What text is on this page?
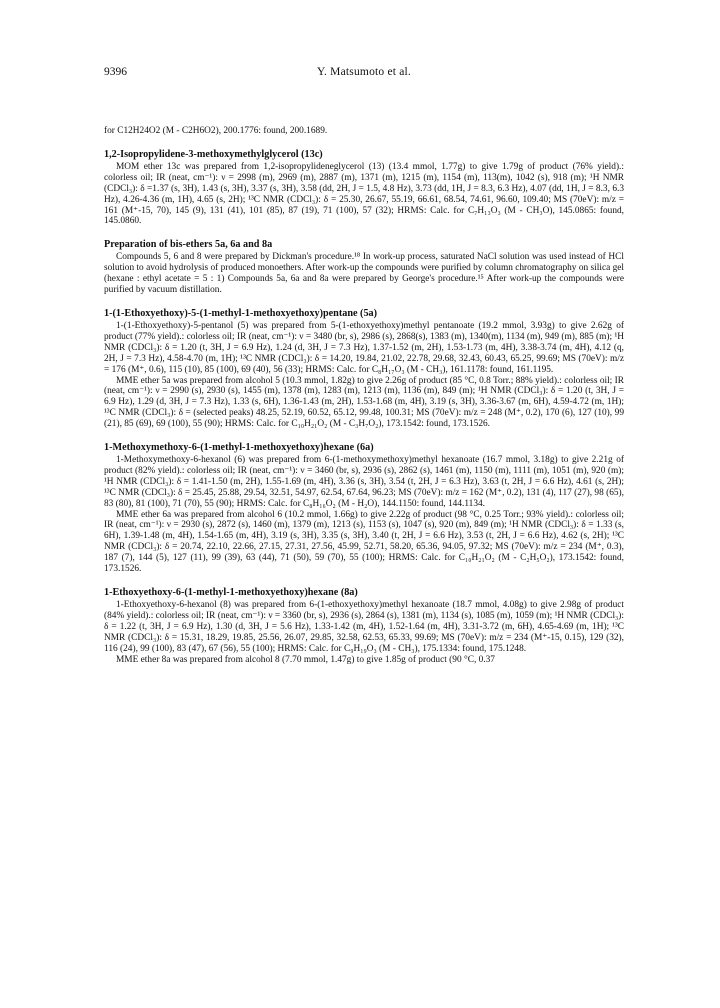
9396	Y. Matsumoto et al.

for C12H24O2 (M - C2H6O2), 200.1776: found, 200.1689.

1,2-Isopropylidene-3-methoxymethylglycerol (13c)

MOM ether 13c was prepared from 1,2-isopropylideneglycerol (13) (13.4 mmol, 1.77g) to give 1.79g of product (76% yield).: colorless oil; IR (neat, cm⁻¹): ν = 2998 (m), 2969 (m), 2887 (m), 1371 (m), 1215 (m), 1154 (m), 113(m), 1042 (s), 918 (m); ¹H NMR (CDCl₃): δ =1.37 (s, 3H), 1.43 (s, 3H), 3.37 (s, 3H), 3.58 (dd, 2H, J = 1.5, 4.8 Hz), 3.73 (dd, 1H, J = 8.3, 6.3 Hz), 4.07 (dd, 1H, J = 8.3, 6.3 Hz), 4.26-4.36 (m, 1H), 4.65 (s, 2H); ¹³C NMR (CDCl₃): δ = 25.30, 26.67, 55.19, 66.61, 68.54, 74.61, 96.60, 109.40; MS (70eV): m/z = 161 (M⁺-15, 70), 145 (9), 131 (41), 101 (85), 87 (19), 71 (100), 57 (32); HRMS: Calc. for C₇H₁₃O₃ (M - CH₃O), 145.0865: found, 145.0860.

Preparation of bis-ethers 5a, 6a and 8a

Compounds 5, 6 and 8 were prepared by Dickman's procedure.¹⁸ In work-up process, saturated NaCl solution was used instead of HCl solution to avoid hydrolysis of produced monoethers. After work-up the compounds were purified by column chromatography on silica gel (hexane : ethyl acetate = 5 : 1) Compounds 5a, 6a and 8a were prepared by George's procedure.¹⁵ After work-up the compounds were purified by vacuum distillation.

1-(1-Ethoxyethoxy)-5-(1-methyl-1-methoxyethoxy)pentane (5a)

1-(1-Ethoxyethoxy)-5-pentanol (5) was prepared from 5-(1-ethoxyethoxy)methyl pentanoate (19.2 mmol, 3.93g) to give 2.62g of product (77% yield).: colorless oil; IR (neat, cm⁻¹): ν = 3480 (br, s), 2986 (s), 2868(s), 1383 (m), 1340(m), 1134 (m), 949 (m), 885 (m); ¹H NMR (CDCl₃): δ = 1.20 (t, 3H, J = 6.9 Hz), 1.24 (d, 3H, J = 7.3 Hz), 1.37-1.52 (m, 2H), 1.53-1.73 (m, 4H), 3.38-3.74 (m, 4H), 4.12 (q, 2H, J = 7.3 Hz), 4.58-4.70 (m, 1H); ¹³C NMR (CDCl₃): δ = 14.20, 19.84, 21.02, 22.78, 29.68, 32.43, 60.43, 65.25, 99.69; MS (70eV): m/z = 176 (M⁺, 0.6), 115 (10), 85 (100), 69 (40), 56 (33); HRMS: Calc. for C₈H₁₇O₃ (M - CH₃), 161.1178: found, 161.1195.

MME ether 5a was prepared from alcohol 5 (10.3 mmol, 1.82g) to give 2.26g of product (85 °C, 0.8 Torr.; 88% yield).: colorless oil; IR (neat, cm⁻¹): ν = 2990 (s), 2930 (s), 1455 (m), 1378 (m), 1283 (m), 1213 (m), 1136 (m), 849 (m); ¹H NMR (CDCl₃): δ = 1.20 (t, 3H, J = 6.9 Hz), 1.29 (d, 3H, J = 7.3 Hz), 1.33 (s, 6H), 1.36-1.43 (m, 2H), 1.53-1.68 (m, 4H), 3.19 (s, 3H), 3.36-3.67 (m, 6H), 4.59-4.72 (m, 1H); ¹³C NMR (CDCl₃): δ = (selected peaks) 48.25, 52.19, 60.52, 65.12, 99.48, 100.31; MS (70eV): m/z = 248 (M⁺, 0.2), 170 (6), 127 (10), 99 (21), 85 (69), 69 (100), 55 (90); HRMS: Calc. for C₁₀H₂₁O₂ (M - C₃H₇O₂), 173.1542: found, 173.1526.

1-Methoxymethoxy-6-(1-methyl-1-methoxyethoxy)hexane (6a)

1-Methoxymethoxy-6-hexanol (6) was prepared from 6-(1-methoxymethoxy)methyl hexanoate (16.7 mmol, 3.18g) to give 2.21g of product (82% yield).: colorless oil; IR (neat, cm⁻¹): ν = 3460 (br, s), 2936 (s), 2862 (s), 1461 (m), 1150 (m), 1111 (m), 1051 (m), 920 (m); ¹H NMR (CDCl₃): δ = 1.41-1.50 (m, 2H), 1.55-1.69 (m, 4H), 3.36 (s, 3H), 3.54 (t, 2H, J = 6.3 Hz), 3.63 (t, 2H, J = 6.6 Hz), 4.61 (s, 2H); ¹³C NMR (CDCl₃): δ = 25.45, 25.88, 29.54, 32.51, 54.97, 62.54, 67.64, 96.23; MS (70eV): m/z = 162 (M⁺, 0.2), 131 (4), 117 (27), 98 (65), 83 (80), 81 (100), 71 (70), 55 (90); HRMS: Calc. for C₈H₁₆O₂ (M - H₂O), 144.1150: found, 144.1134.

MME ether 6a was prepared from alcohol 6 (10.2 mmol, 1.66g) to give 2.22g of product (98 °C, 0.25 Torr.; 93% yield).: colorless oil; IR (neat, cm⁻¹): ν = 2930 (s), 2872 (s), 1460 (m), 1379 (m), 1213 (s), 1153 (s), 1047 (s), 920 (m), 849 (m); ¹H NMR (CDCl₃): δ = 1.33 (s, 6H), 1.39-1.48 (m, 4H), 1.54-1.65 (m, 4H), 3.19 (s, 3H), 3.35 (s, 3H), 3.40 (t, 2H, J = 6.6 Hz), 3.53 (t, 2H, J = 6.6 Hz), 4.62 (s, 2H); ¹³C NMR (CDCl₃): δ = 20.74, 22.10, 22.66, 27.15, 27.31, 27.56, 45.99, 52.71, 58.20, 65.36, 94.05, 97.32; MS (70eV): m/z = 234 (M⁺, 0.3), 187 (7), 144 (5), 127 (11), 99 (39), 63 (44), 71 (50), 59 (70), 55 (100); HRMS: Calc. for C₁₀H₂₁O₂ (M - C₂H₅O₂), 173.1542: found, 173.1526.

1-Ethoxyethoxy-6-(1-methyl-1-methoxyethoxy)hexane (8a)

1-Ethoxyethoxy-6-hexanol (8) was prepared from 6-(1-ethoxyethoxy)methyl hexanoate (18.7 mmol, 4.08g) to give 2.98g of product (84% yield).: colorless oil; IR (neat, cm⁻¹): ν = 3360 (br, s), 2936 (s), 2864 (s), 1381 (m), 1134 (s), 1085 (m), 1059 (m); ¹H NMR (CDCl₃): δ = 1.22 (t, 3H, J = 6.9 Hz), 1.30 (d, 3H, J = 5.6 Hz), 1.33-1.42 (m, 4H), 1.52-1.64 (m, 4H), 3.31-3.72 (m, 6H), 4.65-4.69 (m, 1H); ¹³C NMR (CDCl₃): δ = 15.31, 18.29, 19.85, 25.56, 26.07, 29.85, 32.58, 62.53, 65.33, 99.69; MS (70eV): m/z = 234 (M⁺-15, 0.15), 129 (32), 116 (24), 99 (100), 83 (47), 67 (56), 55 (100); HRMS: Calc. for C₉H₁₉O₃ (M - CH₃), 175.1334: found, 175.1248.

MME ether 8a was prepared from alcohol 8 (7.70 mmol, 1.47g) to give 1.85g of product (90 °C, 0.37
